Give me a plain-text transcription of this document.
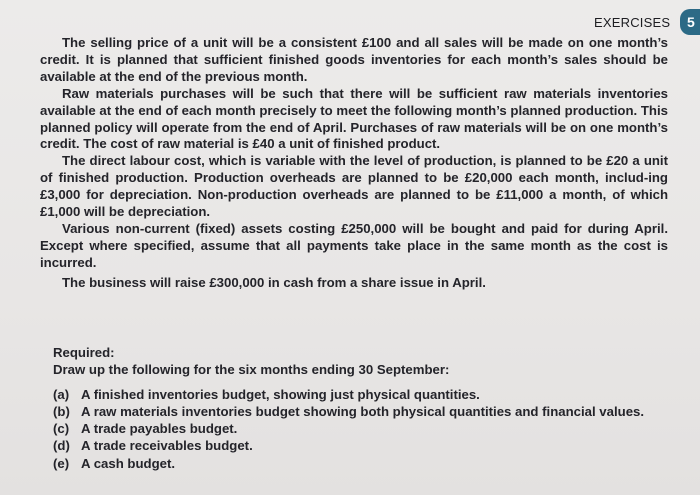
EXERCISES	5

The selling price of a unit will be a consistent £100 and all sales will be made on one month’s credit. It is planned that sufficient finished goods inventories for each month’s sales should be available at the end of the previous month.

Raw materials purchases will be such that there will be sufficient raw materials inventories available at the end of each month precisely to meet the following month’s planned production. This planned policy will operate from the end of April. Purchases of raw materials will be on one month’s credit. The cost of raw material is £40 a unit of finished product.

The direct labour cost, which is variable with the level of production, is planned to be £20 a unit of finished production. Production overheads are planned to be £20,000 each month, includ-ing £3,000 for depreciation. Non-production overheads are planned to be £11,000 a month, of which £1,000 will be depreciation.

Various non-current (fixed) assets costing £250,000 will be bought and paid for during April. Except where specified, assume that all payments take place in the same month as the cost is incurred.

The business will raise £300,000 in cash from a share issue in April.

Required:

Draw up the following for the six months ending 30 September:

(a) A finished inventories budget, showing just physical quantities.
(b) A raw materials inventories budget showing both physical quantities and financial values.
(c) A trade payables budget.
(d) A trade receivables budget.
(e) A cash budget.
